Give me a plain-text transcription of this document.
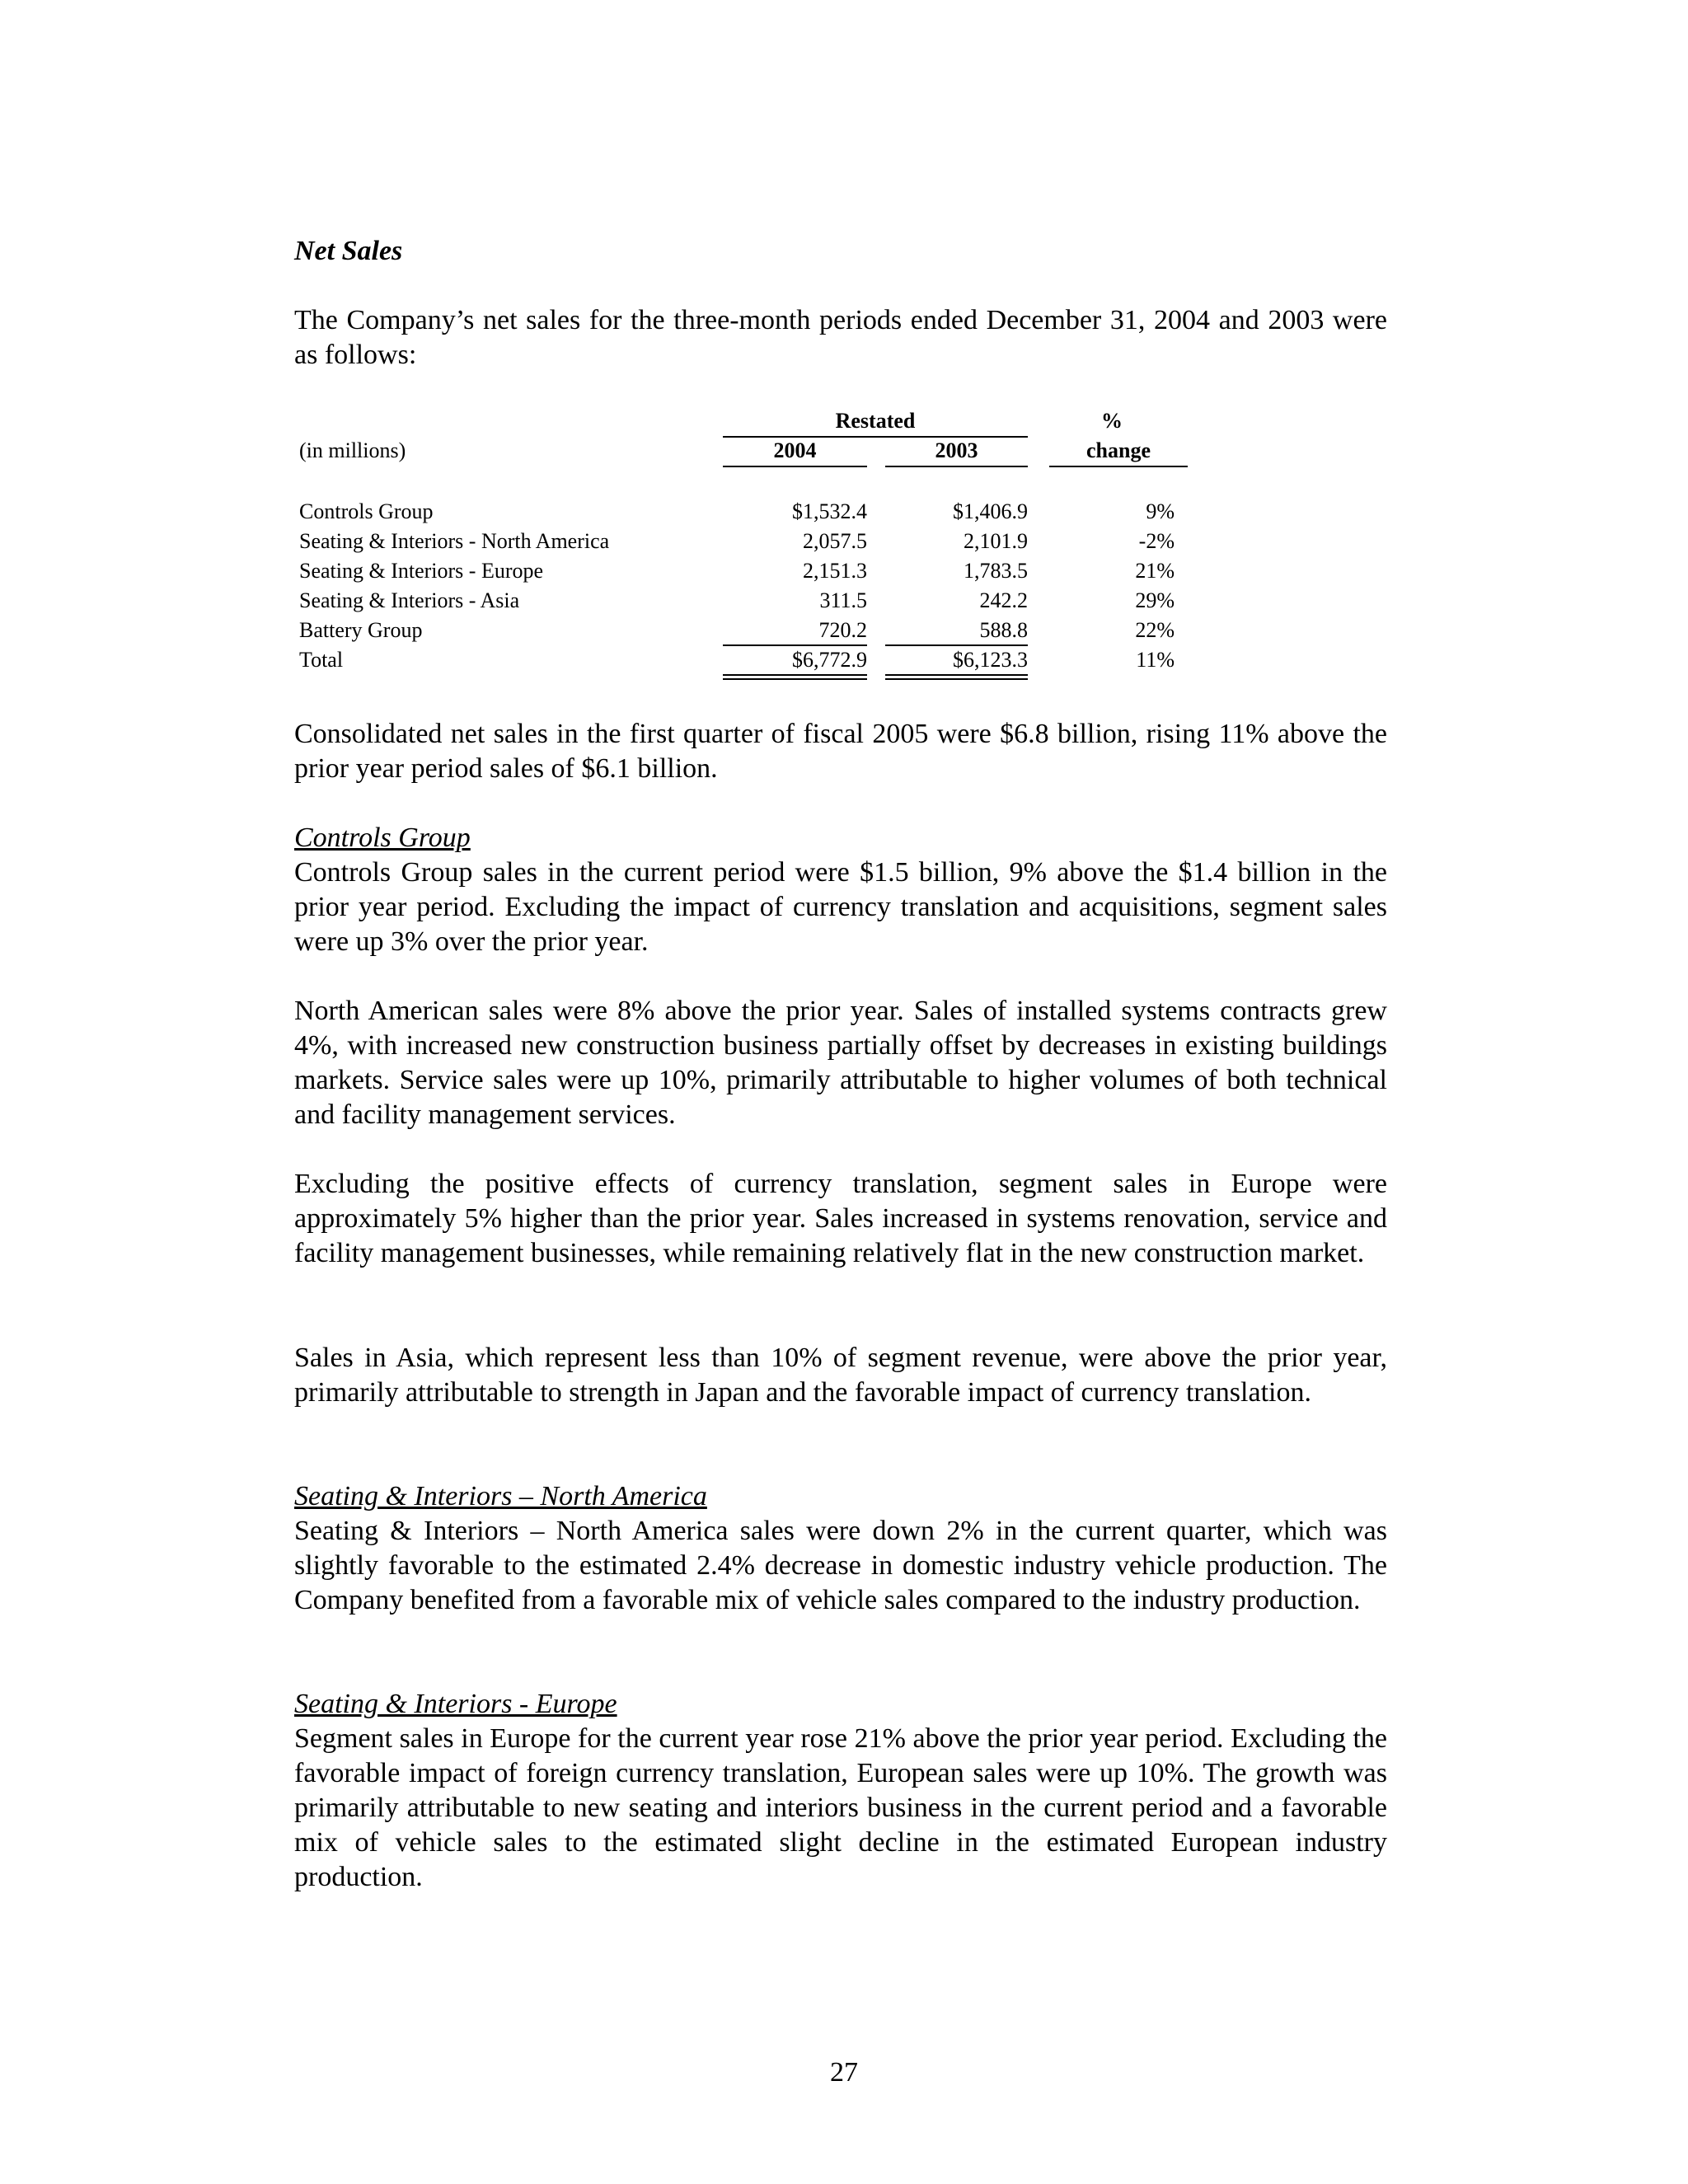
Net Sales
The Company’s net sales for the three-month periods ended December 31, 2004 and 2003 were as follows:
Restated	%
(in millions)	2004	2003	change
Controls Group	$1,532.4	$1,406.9	9%
Seating & Interiors - North America	2,057.5	2,101.9	-2%
Seating & Interiors - Europe	2,151.3	1,783.5	21%
Seating & Interiors - Asia	311.5	242.2	29%
Battery Group	720.2	588.8	22%
Total	$6,772.9	$6,123.3	11%
Consolidated net sales in the first quarter of fiscal 2005 were $6.8 billion, rising 11% above the prior year period sales of $6.1 billion.
Controls Group
Controls Group sales in the current period were $1.5 billion, 9% above the $1.4 billion in the prior year period. Excluding the impact of currency translation and acquisitions, segment sales were up 3% over the prior year.
North American sales were 8% above the prior year. Sales of installed systems contracts grew 4%, with increased new construction business partially offset by decreases in existing buildings markets. Service sales were up 10%, primarily attributable to higher volumes of both technical and facility management services.
Excluding the positive effects of currency translation, segment sales in Europe were approximately 5% higher than the prior year. Sales increased in systems renovation, service and facility management businesses, while remaining relatively flat in the new construction market.
Sales in Asia, which represent less than 10% of segment revenue, were above the prior year, primarily attributable to strength in Japan and the favorable impact of currency translation.
Seating & Interiors – North America
Seating & Interiors – North America sales were down 2% in the current quarter, which was slightly favorable to the estimated 2.4% decrease in domestic industry vehicle production. The Company benefited from a favorable mix of vehicle sales compared to the industry production.
Seating & Interiors - Europe
Segment sales in Europe for the current year rose 21% above the prior year period. Excluding the favorable impact of foreign currency translation, European sales were up 10%. The growth was primarily attributable to new seating and interiors business in the current period and a favorable mix of vehicle sales to the estimated slight decline in the estimated European industry production.
27
